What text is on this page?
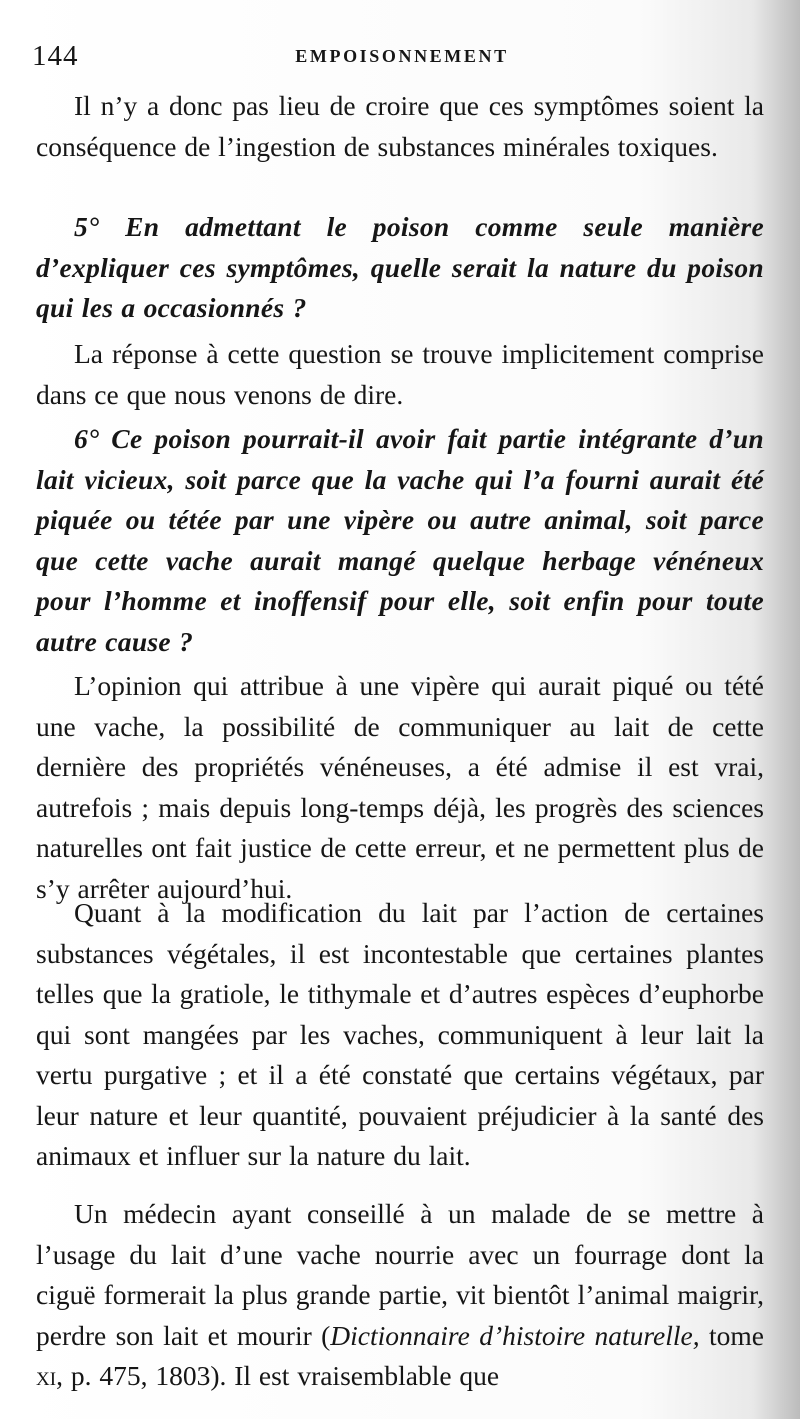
144	EMPOISONNEMENT

Il n’y a donc pas lieu de croire que ces symptômes soient la conséquence de l’ingestion de substances minérales toxiques.

5° En admettant le poison comme seule manière d’expliquer ces symptômes, quelle serait la nature du poison qui les a occasionnés ?

La réponse à cette question se trouve implicitement comprise dans ce que nous venons de dire.

6° Ce poison pourrait-il avoir fait partie intégrante d’un lait vicieux, soit parce que la vache qui l’a fourni aurait été piquée ou tétée par une vipère ou autre animal, soit parce que cette vache aurait mangé quelque herbage vénéneux pour l’homme et inoffensif pour elle, soit enfin pour toute autre cause ?

L’opinion qui attribue à une vipère qui aurait piqué ou tété une vache, la possibilité de communiquer au lait de cette dernière des propriétés vénéneuses, a été admise il est vrai, autrefois ; mais depuis long-temps déjà, les progrès des sciences naturelles ont fait justice de cette erreur, et ne permettent plus de s’y arrêter aujourd’hui.

Quant à la modification du lait par l’action de certaines substances végétales, il est incontestable que certaines plantes telles que la gratiole, le tithymale et d’autres espèces d’euphorbe qui sont mangées par les vaches, communiquent à leur lait la vertu purgative ; et il a été constaté que certains végétaux, par leur nature et leur quantité, pouvaient préjudicier à la santé des animaux et influer sur la nature du lait.

Un médecin ayant conseillé à un malade de se mettre à l’usage du lait d’une vache nourrie avec un fourrage dont la ciguë formerait la plus grande partie, vit bientôt l’animal maigrir, perdre son lait et mourir (Dictionnaire d’histoire naturelle, tome xi, p. 475, 1803). Il est vraisemblable que
